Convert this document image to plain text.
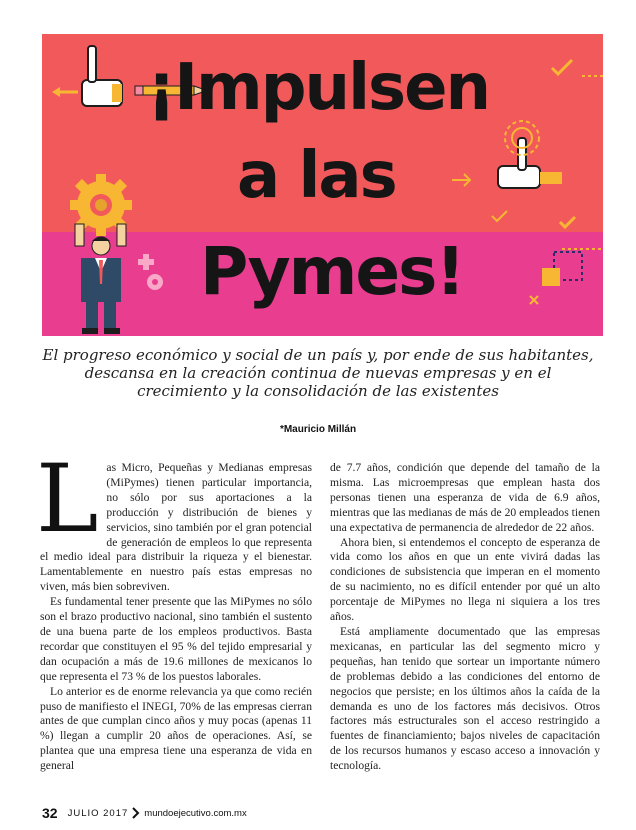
¡Impulsen
a las
Pymes!

El progreso económico y social de un país y, por ende de sus habitantes, descansa en la creación continua de nuevas empresas y en el crecimiento y la consolidación de las existentes

*Mauricio Millán
L as Micro, Pequeñas y Medianas empresas (MiPymes) tienen particular importancia, no sólo por sus aportaciones a la producción y distribución de bienes y servicios, sino también por el gran potencial de generación de empleos lo que representa el medio ideal para distribuir la riqueza y el bienestar. Lamentablemente en nuestro país estas empresas no viven, más bien sobreviven.

Es fundamental tener presente que las MiPymes no sólo son el brazo productivo nacional, sino también el sustento de una buena parte de los empleos productivos. Basta recordar que constituyen el 95 % del tejido empresarial y dan ocupación a más de 19.6 millones de mexicanos lo que representa el 73 % de los puestos laborales.

Lo anterior es de enorme relevancia ya que como recién puso de manifiesto el INEGI, 70% de las empresas cierran antes de que cumplan cinco años y muy pocas (apenas 11 %) llegan a cumplir 20 años de operaciones. Así, se plantea que una empresa tiene una esperanza de vida en general

de 7.7 años, condición que depende del tamaño de la misma. Las microempresas que emplean hasta dos personas tienen una esperanza de vida de 6.9 años, mientras que las medianas de más de 20 empleados tienen una expectativa de permanencia de alrededor de 22 años.

Ahora bien, si entendemos el concepto de esperanza de vida como los años en que un ente vivirá dadas las condiciones de subsistencia que imperan en el momento de su nacimiento, no es difícil entender por qué un alto porcentaje de MiPymes no llega ni siquiera a los tres años.

Está ampliamente documentado que las empresas mexicanas, en particular las del segmento micro y pequeñas, han tenido que sortear un importante número de problemas debido a las condiciones del entorno de negocios que persiste; en los últimos años la caída de la demanda es uno de los factores más decisivos. Otros factores más estructurales son el acceso restringido a fuentes de financiamiento; bajos niveles de capacitación de los recursos humanos y escaso acceso a innovación y tecnología.

32 JULIO 2017 mundoejecutivo.com.mx
